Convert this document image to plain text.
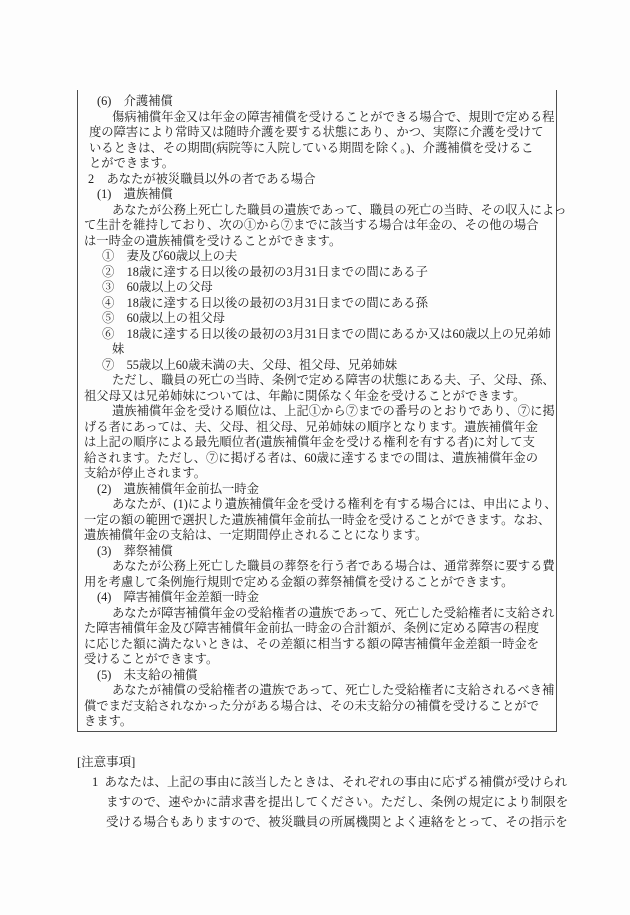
(6)　介護補償
傷病補償年金又は年金の障害補償を受けることができる場合で、規則で定める程
度の障害により常時又は随時介護を要する状態にあり、かつ、実際に介護を受けて
いるときは、その期間(病院等に入院している期間を除く。)、介護補償を受けるこ
とができます。
2　あなたが被災職員以外の者である場合
(1)　遺族補償
あなたが公務上死亡した職員の遺族であって、職員の死亡の当時、その収入によっ
て生計を維持しており、次の①から⑦までに該当する場合は年金の、その他の場合
は一時金の遺族補償を受けることができます。
①　妻及び60歳以上の夫
②　18歳に達する日以後の最初の3月31日までの間にある子
③　60歳以上の父母
④　18歳に達する日以後の最初の3月31日までの間にある孫
⑤　60歳以上の祖父母
⑥　18歳に達する日以後の最初の3月31日までの間にあるか又は60歳以上の兄弟姉
妹
⑦　55歳以上60歳未満の夫、父母、祖父母、兄弟姉妹
ただし、職員の死亡の当時、条例で定める障害の状態にある夫、子、父母、孫、
祖父母又は兄弟姉妹については、年齢に関係なく年金を受けることができます。
遺族補償年金を受ける順位は、上記①から⑦までの番号のとおりであり、⑦に掲
げる者にあっては、夫、父母、祖父母、兄弟姉妹の順序となります。遺族補償年金
は上記の順序による最先順位者(遺族補償年金を受ける権利を有する者)に対して支
給されます。ただし、⑦に掲げる者は、60歳に達するまでの間は、遺族補償年金の
支給が停止されます。
(2)　遺族補償年金前払一時金
あなたが、(1)により遺族補償年金を受ける権利を有する場合には、申出により、
一定の額の範囲で選択した遺族補償年金前払一時金を受けることができます。なお、
遺族補償年金の支給は、一定期間停止されることになります。
(3)　葬祭補償
あなたが公務上死亡した職員の葬祭を行う者である場合は、通常葬祭に要する費
用を考慮して条例施行規則で定める金額の葬祭補償を受けることができます。
(4)　障害補償年金差額一時金
あなたが障害補償年金の受給権者の遺族であって、死亡した受給権者に支給され
た障害補償年金及び障害補償年金前払一時金の合計額が、条例に定める障害の程度
に応じた額に満たないときは、その差額に相当する額の障害補償年金差額一時金を
受けることができます。
(5)　未支給の補償
あなたが補償の受給権者の遺族であって、死亡した受給権者に支給されるべき補
償でまだ支給されなかった分がある場合は、その未支給分の補償を受けることがで
きます。
[注意事項]
1  あなたは、上記の事由に該当したときは、それぞれの事由に応ずる補償が受けられ
ますので、速やかに請求書を提出してください。ただし、条例の規定により制限を
受ける場合もありますので、被災職員の所属機関とよく連絡をとって、その指示を
